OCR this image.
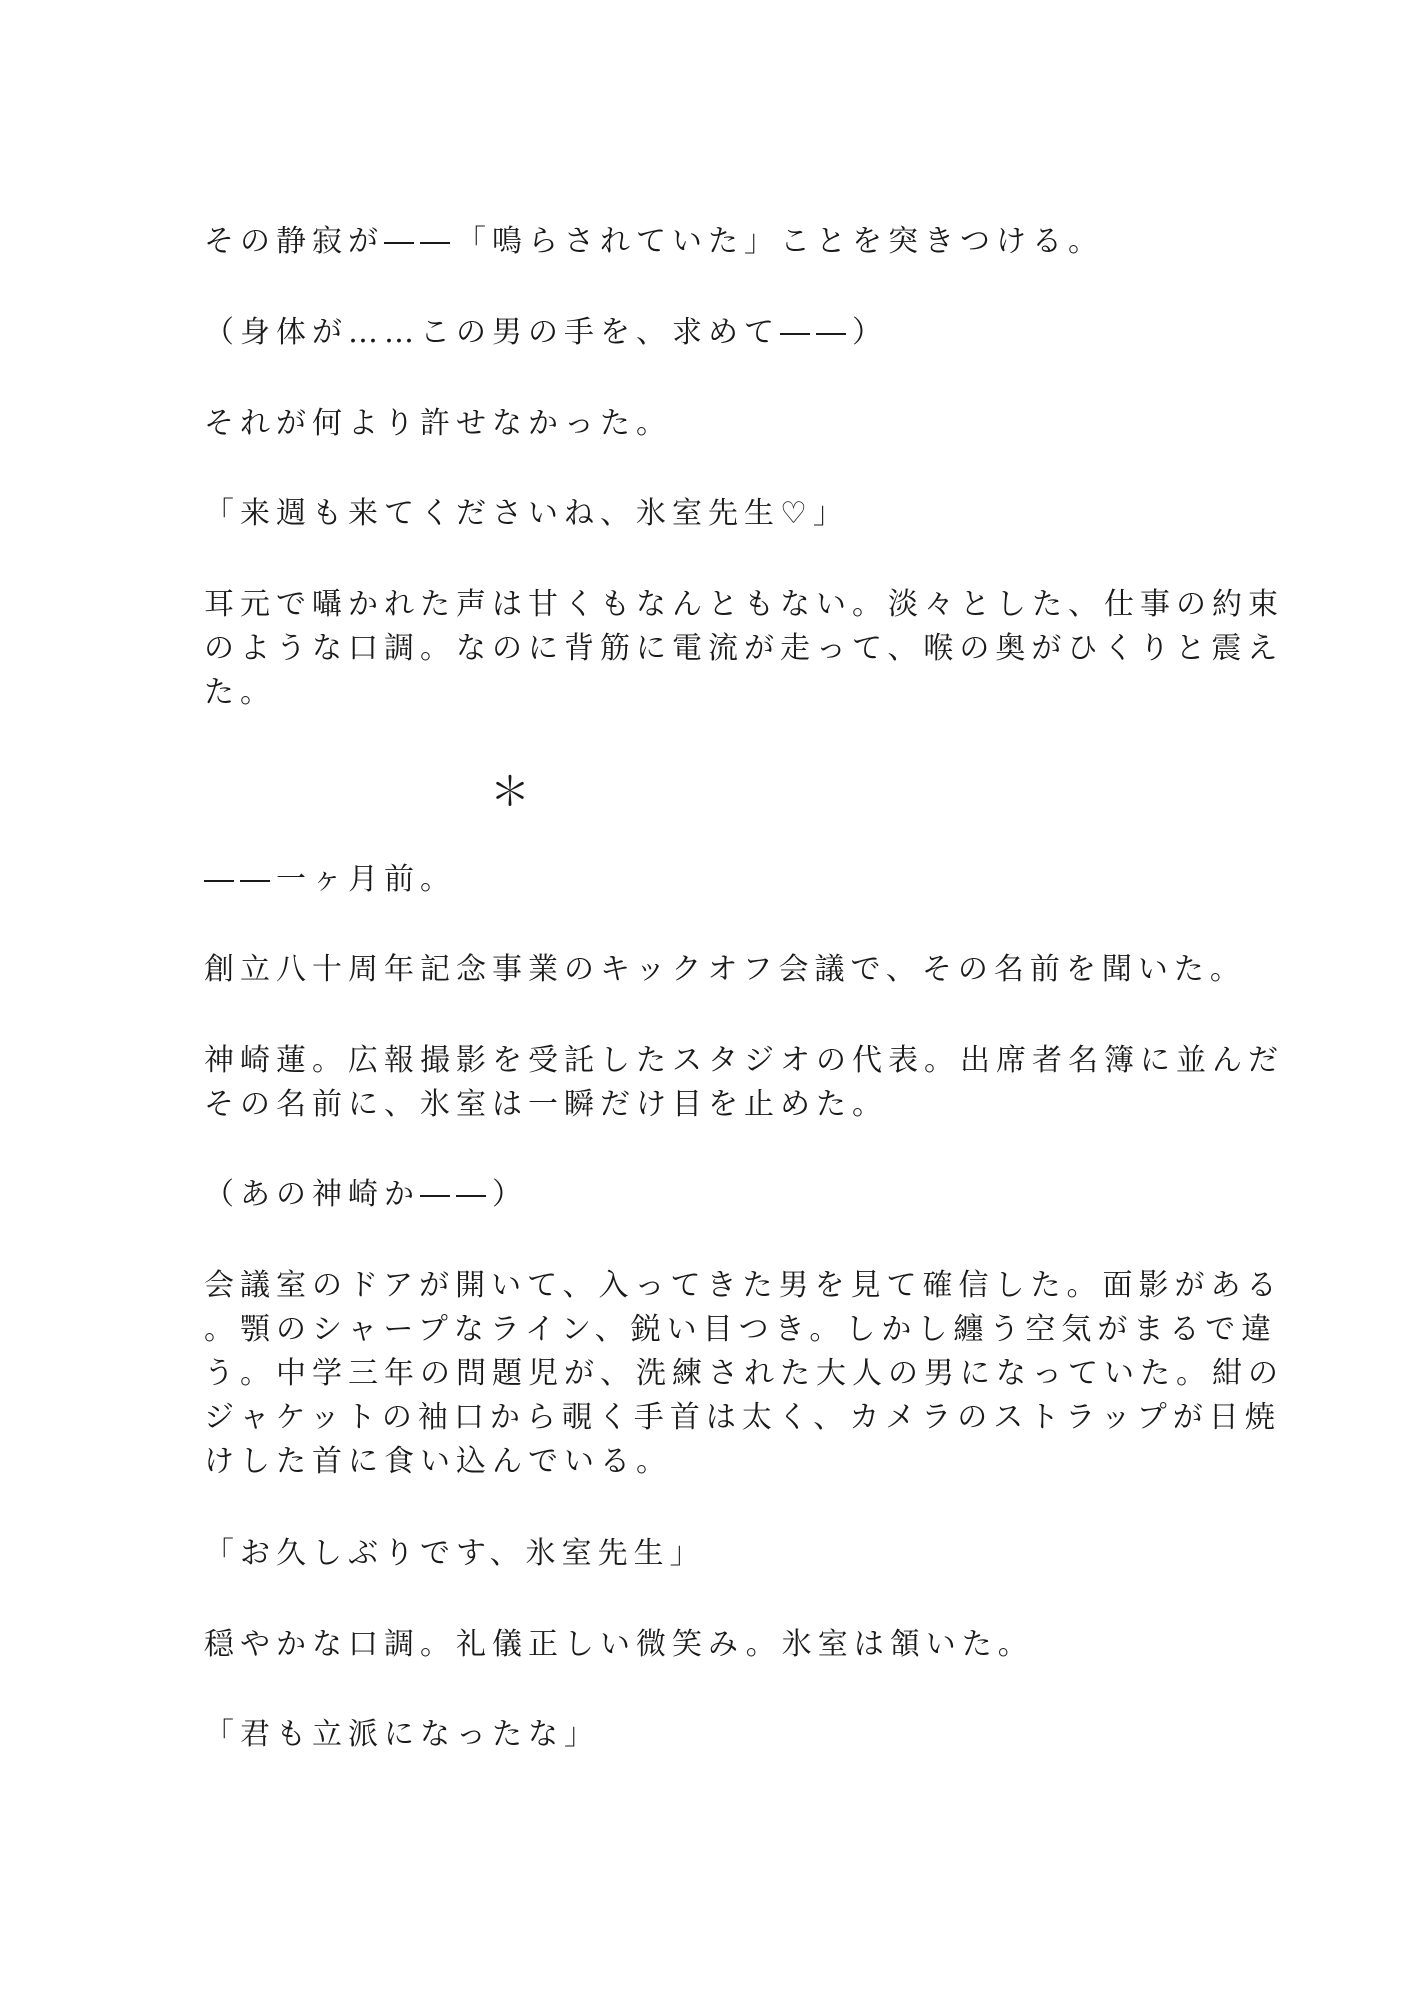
その静寂が――「鳴らされていた」ことを突きつける。

（身体が……この男の手を、求めて――）

それが何より許せなかった。

「来週も来てくださいね、氷室先生♡」

耳元で囁かれた声は甘くもなんともない。淡々とした、仕事の約束
のような口調。なのに背筋に電流が走って、喉の奥がひくりと震え
た。

＊

――一ヶ月前。

創立八十周年記念事業のキックオフ会議で、その名前を聞いた。

神崎蓮。広報撮影を受託したスタジオの代表。出席者名簿に並んだ
その名前に、氷室は一瞬だけ目を止めた。

（あの神崎か――）

会議室のドアが開いて、入ってきた男を見て確信した。面影がある
。顎のシャープなライン、鋭い目つき。しかし纏う空気がまるで違
う。中学三年の問題児が、洗練された大人の男になっていた。紺の
ジャケットの袖口から覗く手首は太く、カメラのストラップが日焼
けした首に食い込んでいる。

「お久しぶりです、氷室先生」

穏やかな口調。礼儀正しい微笑み。氷室は頷いた。

「君も立派になったな」
